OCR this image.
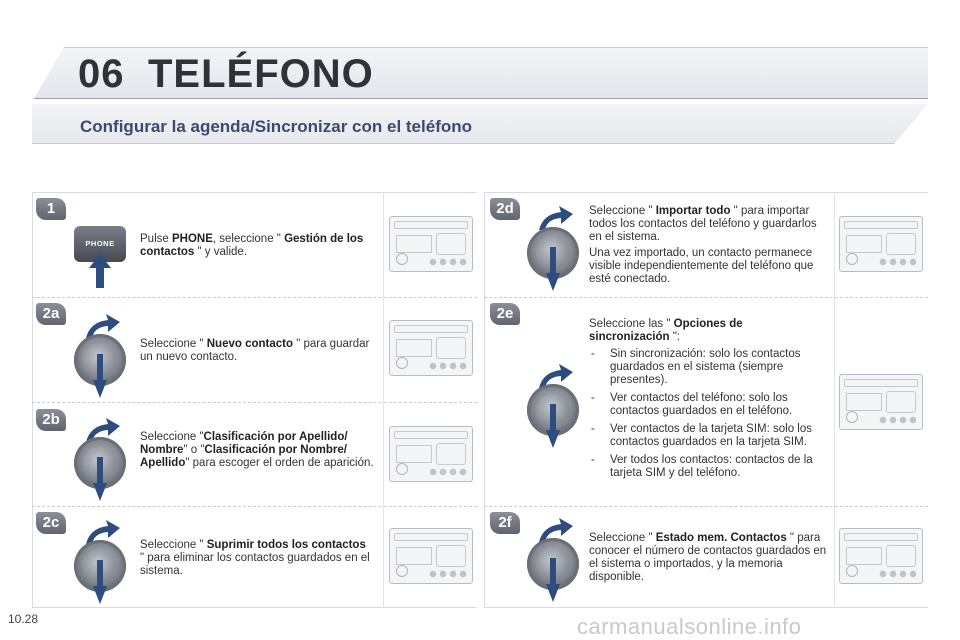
06 TELÉFONO
Configurar la agenda/Sincronizar con el teléfono
1
PHONE	Pulse PHONE, seleccione " Gestión de los contactos " y valide.
2a
Seleccione " Nuevo contacto " para guardar un nuevo contacto.
2b
Seleccione "Clasificación por Apellido/ Nombre" o "Clasificación por Nombre/ Apellido" para escoger el orden de aparición.
2c
Seleccione " Suprimir todos los contactos " para eliminar los contactos guardados en el sistema.
2d	Seleccione " Importar todo " para importar todos los contactos del teléfono y guardarlos en el sistema.
Una vez importado, un contacto permanece visible independientemente del teléfono que esté conectado.
2e
Seleccione las " Opciones de sincronización ":
- Sin sincronización: solo los contactos guardados en el sistema (siempre presentes).
- Ver contactos del teléfono: solo los contactos guardados en el teléfono.
- Ver contactos de la tarjeta SIM: solo los contactos guardados en la tarjeta SIM.
- Ver todos los contactos: contactos de la tarjeta SIM y del teléfono.
2f
Seleccione " Estado mem. Contactos " para conocer el número de contactos guardados en el sistema o importados, y la memoria disponible.
10.28	carmanualsonline.info
